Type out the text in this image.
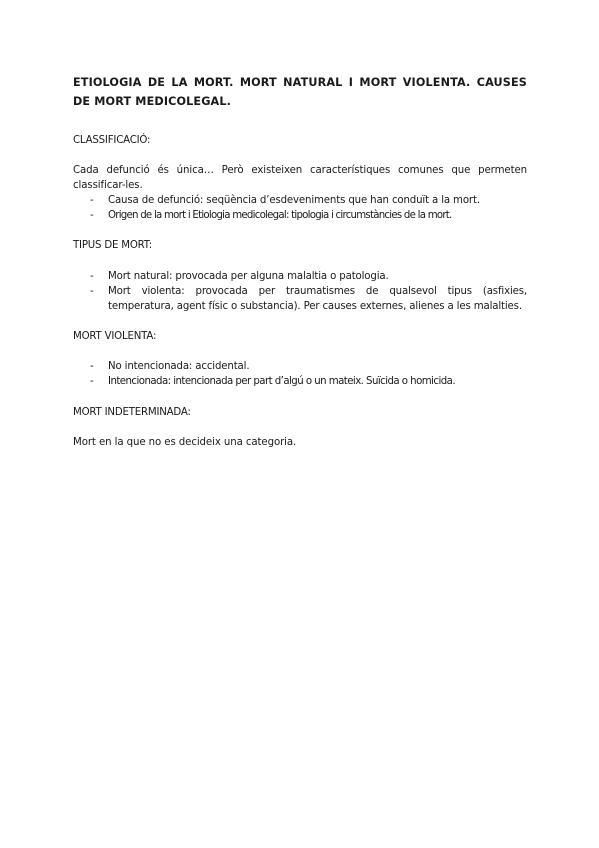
ETIOLOGIA DE LA MORT. MORT NATURAL I MORT VIOLENTA. CAUSES DE MORT MEDICOLEGAL.

CLASSIFICACIÓ:

Cada defunció és única… Però existeixen característiques comunes que permeten classificar-les.

- Causa de defunció: seqüència d’esdeveniments que han conduït a la mort.
- Origen de la mort i Etiologia medicolegal: tipologia i circumstàncies de la mort.

TIPUS DE MORT:

- Mort natural: provocada per alguna malaltia o patologia.
- Mort violenta: provocada per traumatismes de qualsevol tipus (asfixies, temperatura, agent físic o substancia). Per causes externes, alienes a les malalties.

MORT VIOLENTA:

- No intencionada: accidental.
- Intencionada: intencionada per part d’algú o un mateix. Suïcida o homicida.

MORT INDETERMINADA:

Mort en la que no es decideix una categoria.
